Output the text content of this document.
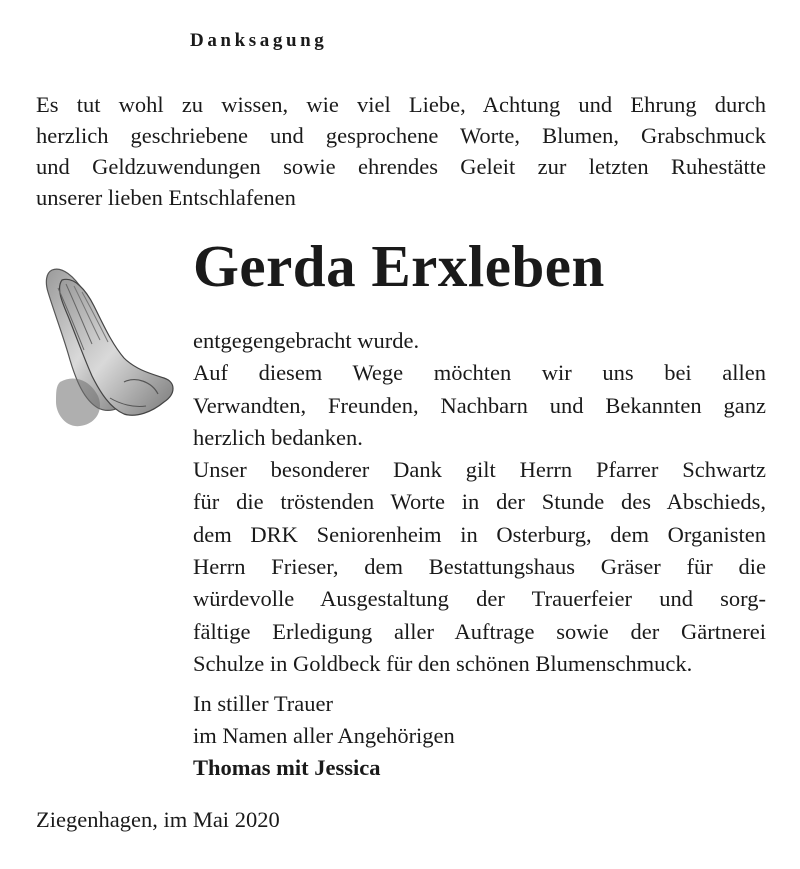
Danksagung
Es tut wohl zu wissen, wie viel Liebe, Achtung und Ehrung durch
herzlich geschriebene und gesprochene Worte, Blumen, Grabschmuck
und Geldzuwendungen sowie ehrendes Geleit zur letzten Ruhestätte
unserer lieben Entschlafenen
Gerda Erxleben
entgegengebracht wurde.
Auf diesem Wege möchten wir uns bei allen
Verwandten, Freunden, Nachbarn und Bekannten ganz
herzlich bedanken.
Unser besonderer Dank gilt Herrn Pfarrer Schwartz
für die tröstenden Worte in der Stunde des Abschieds,
dem DRK Seniorenheim in Osterburg, dem Organisten
Herrn Frieser, dem Bestattungshaus Gräser für die
würdevolle Ausgestaltung der Trauerfeier und sorg-
fältige Erledigung aller Auftrage sowie der Gärtnerei
Schulze in Goldbeck für den schönen Blumenschmuck.
In stiller Trauer
im Namen aller Angehörigen
Thomas mit Jessica
Ziegenhagen, im Mai 2020
